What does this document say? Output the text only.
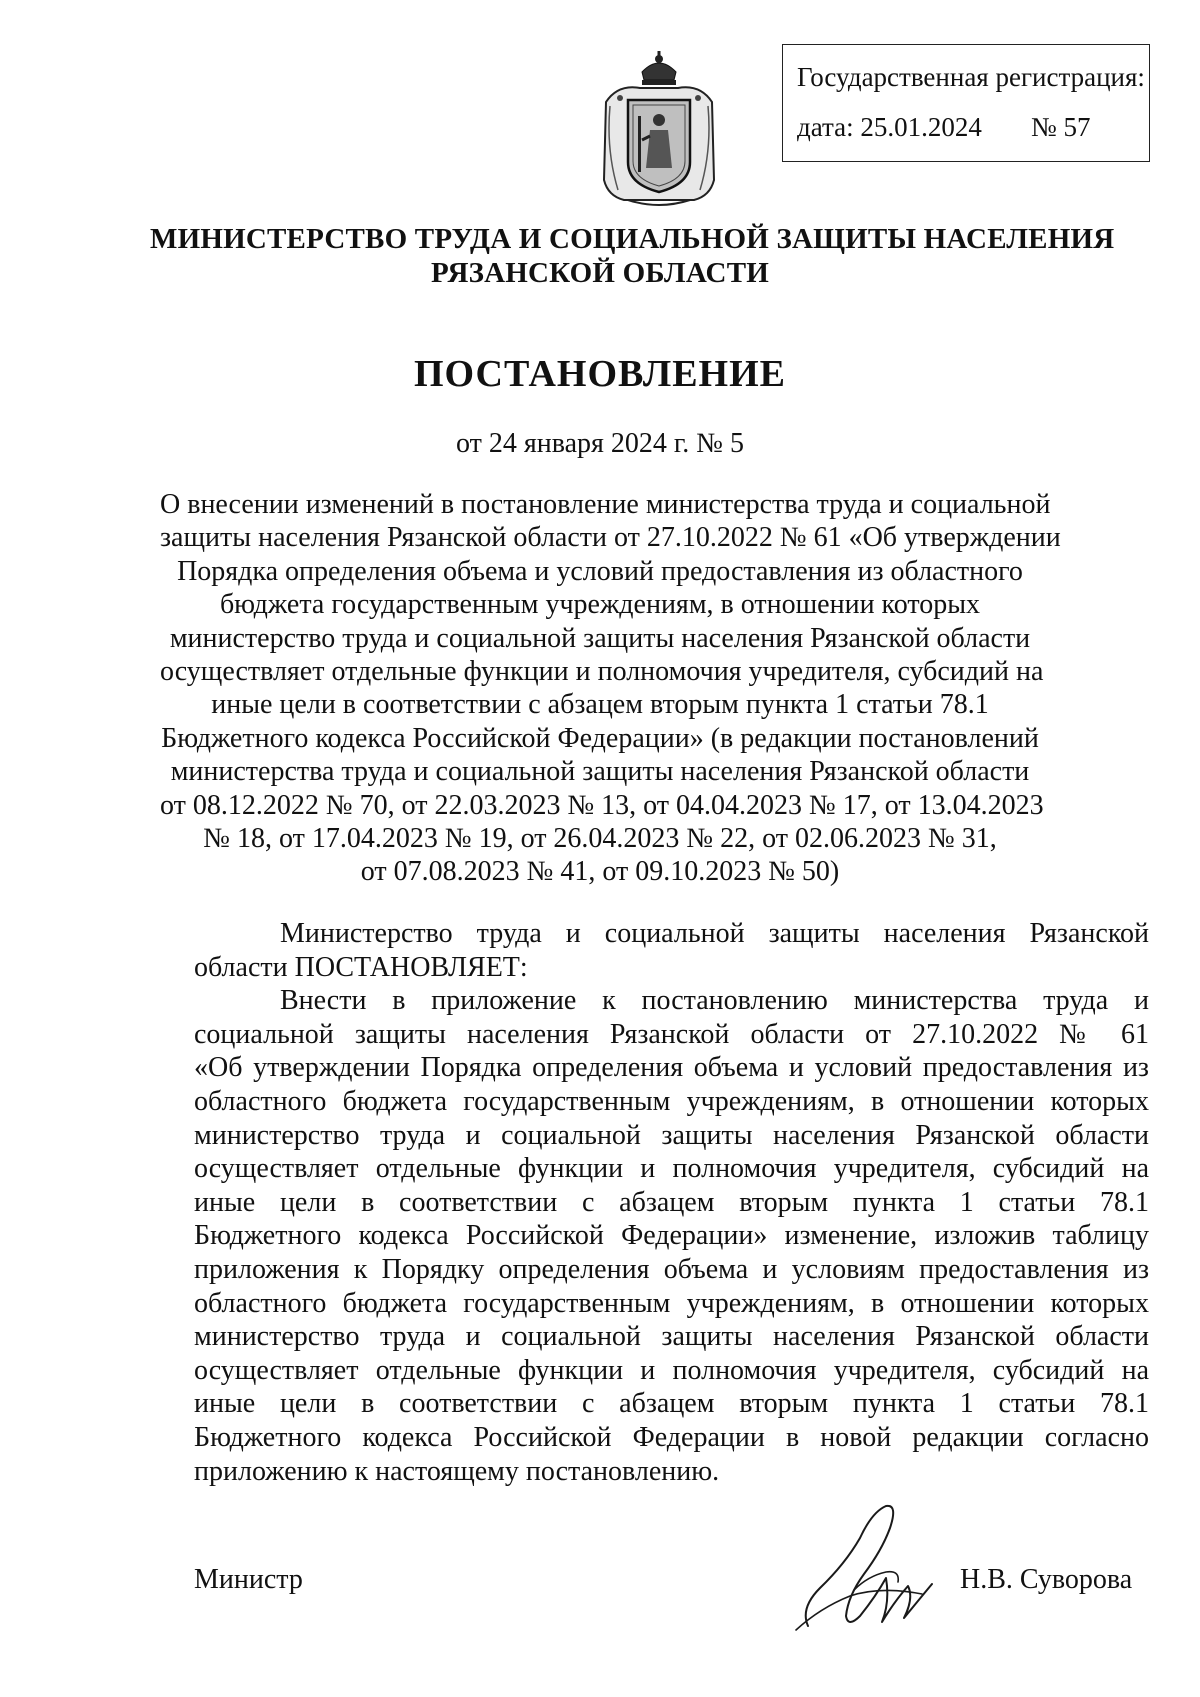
Государственная регистрация:
дата: 25.01.2024 № 57
МИНИСТЕРСТВО ТРУДА И СОЦИАЛЬНОЙ ЗАЩИТЫ НАСЕЛЕНИЯ
РЯЗАНСКОЙ ОБЛАСТИ
ПОСТАНОВЛЕНИЕ
от 24 января 2024 г. № 5
О внесении изменений в постановление министерства труда и социальной
защиты населения Рязанской области от 27.10.2022 № 61 «Об утверждении
Порядка определения объема и условий предоставления из областного
бюджета государственным учреждениям, в отношении которых
министерство труда и социальной защиты населения Рязанской области
осуществляет отдельные функции и полномочия учредителя, субсидий на
иные цели в соответствии с абзацем вторым пункта 1 статьи 78.1
Бюджетного кодекса Российской Федерации» (в редакции постановлений
министерства труда и социальной защиты населения Рязанской области
от 08.12.2022 № 70, от 22.03.2023 № 13, от 04.04.2023 № 17, от 13.04.2023
№ 18, от 17.04.2023 № 19, от 26.04.2023 № 22, от 02.06.2023 № 31,
от 07.08.2023 № 41, от 09.10.2023 № 50)
Министерство труда и социальной защиты населения Рязанской
области ПОСТАНОВЛЯЕТ:
Внести в приложение к постановлению министерства труда и
социальной защиты населения Рязанской области от 27.10.2022 № 61
«Об утверждении Порядка определения объема и условий предоставления из
областного бюджета государственным учреждениям, в отношении которых
министерство труда и социальной защиты населения Рязанской области
осуществляет отдельные функции и полномочия учредителя, субсидий на
иные цели в соответствии с абзацем вторым пункта 1 статьи 78.1
Бюджетного кодекса Российской Федерации» изменение, изложив таблицу
приложения к Порядку определения объема и условиям предоставления из
областного бюджета государственным учреждениям, в отношении которых
министерство труда и социальной защиты населения Рязанской области
осуществляет отдельные функции и полномочия учредителя, субсидий на
иные цели в соответствии с абзацем вторым пункта 1 статьи 78.1
Бюджетного кодекса Российской Федерации в новой редакции согласно
приложению к настоящему постановлению.
Министр	Н.В. Суворова
